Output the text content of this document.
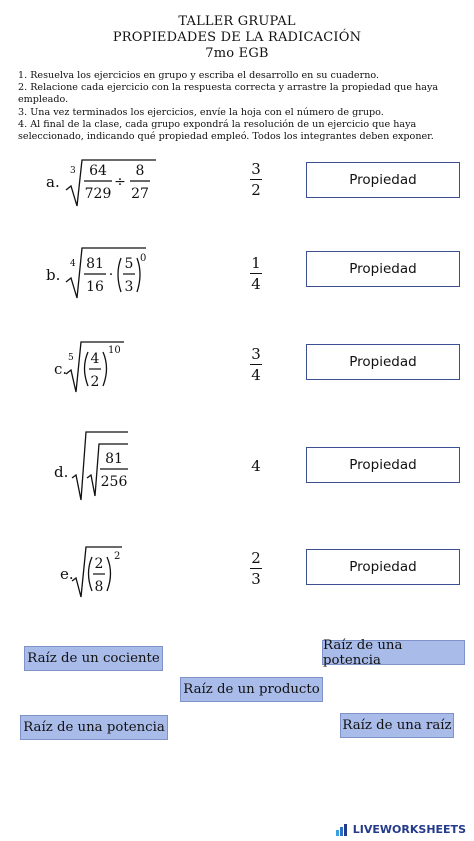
TALLER GRUPAL
PROPIEDADES DE LA RADICACIÓN
7mo EGB
1. Resuelva los ejercicios en grupo y escriba el desarrollo en su cuaderno.
2. Relacione cada ejercicio con la respuesta correcta y arrastre la propiedad que haya empleado.
3. Una vez terminados los ejercicios, envíe la hoja con el número de grupo.
4. Al final de la clase, cada grupo expondrá la resolución de un ejercicio que haya seleccionado, indicando qué propiedad empleó. Todos los integrantes deben exponer.
a.
3 64
729
÷
8
27
3
2
Propiedad
b.
4 81
16
·
5
3
0	1
4
Propiedad
c.
5 4
2
10	3
4
Propiedad
d.
81
256
4	Propiedad
e.
2
8
2	2
3
Propiedad
Raíz de un cociente
Raíz de una potencia
Raíz de un producto
Raíz de una potencia	Raíz de una raíz
LIVEWORKSHEETS
